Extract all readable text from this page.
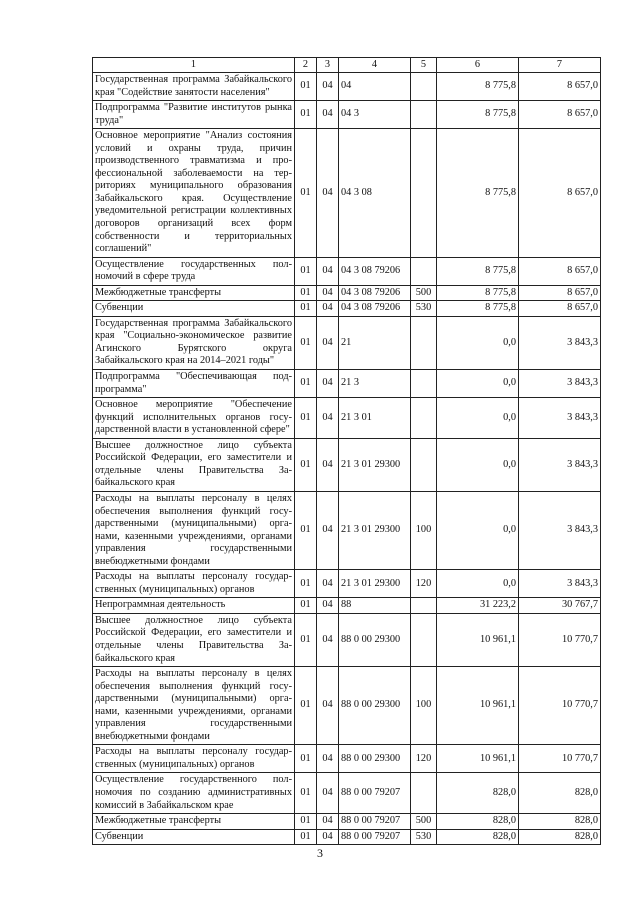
1	2	3	4	5	6	7
Государственная программа Забайкальского края "Содействие занятости населения"	01	04	04		8 775,8	8 657,0
Подпрограмма "Развитие институтов рынка труда"	01	04	04 3		8 775,8	8 657,0
Основное мероприятие "Анализ состояния условий и охраны труда, причин производственного травматизма и профессиональной заболеваемости на территориях муниципального образования Забайкальского края. Осуществление уведомительной регистрации коллективных договоров организаций всех форм собственности и территориальных соглашений"	01	04	04 3 08		8 775,8	8 657,0
Осуществление государственных полномочий в сфере труда	01	04	04 3 08 79206		8 775,8	8 657,0
Межбюджетные трансферты	01	04	04 3 08 79206	500	8 775,8	8 657,0
Субвенции	01	04	04 3 08 79206	530	8 775,8	8 657,0
Государственная программа Забайкальского края "Социально-экономическое развитие Агинского Бурятского округа Забайкальского края на 2014–2021 годы"	01	04	21		0,0	3 843,3
Подпрограмма "Обеспечивающая подпрограмма"	01	04	21 3		0,0	3 843,3
Основное мероприятие "Обеспечение функций исполнительных органов государственной власти в установленной сфере"	01	04	21 3 01		0,0	3 843,3
Высшее должностное лицо субъекта Российской Федерации, его заместители и отдельные члены Правительства Забайкальского края	01	04	21 3 01 29300		0,0	3 843,3
Расходы на выплаты персоналу в целях обеспечения выполнения функций государственными (муниципальными) органами, казенными учреждениями, органами управления государственными внебюджетными фондами	01	04	21 3 01 29300	100	0,0	3 843,3
Расходы на выплаты персоналу государственных (муниципальных) органов	01	04	21 3 01 29300	120	0,0	3 843,3
Непрограммная деятельность	01	04	88		31 223,2	30 767,7
Высшее должностное лицо субъекта Российской Федерации, его заместители и отдельные члены Правительства Забайкальского края	01	04	88 0 00 29300		10 961,1	10 770,7
Расходы на выплаты персоналу в целях обеспечения выполнения функций государственными (муниципальными) органами, казенными учреждениями, органами управления государственными внебюджетными фондами	01	04	88 0 00 29300	100	10 961,1	10 770,7
Расходы на выплаты персоналу государственных (муниципальных) органов	01	04	88 0 00 29300	120	10 961,1	10 770,7
Осуществление государственного полномочия по созданию административных комиссий в Забайкальском крае	01	04	88 0 00 79207		828,0	828,0
Межбюджетные трансферты	01	04	88 0 00 79207	500	828,0	828,0
Субвенции	01	04	88 0 00 79207	530	828,0	828,0
3
